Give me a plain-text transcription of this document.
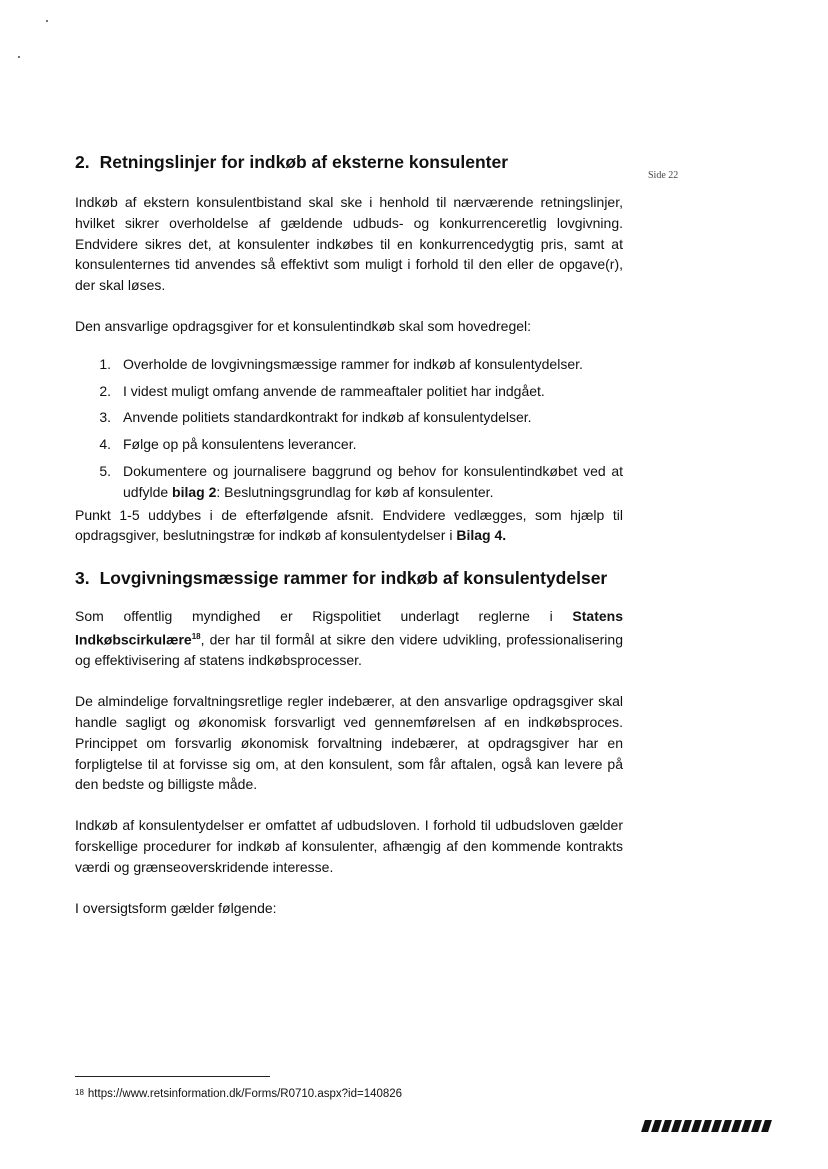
Side 22
2. Retningslinjer for indkøb af eksterne konsulenter

Indkøb af ekstern konsulentbistand skal ske i henhold til nærværende retningslinjer, hvilket sikrer overholdelse af gældende udbuds- og konkurrenceretlig lovgivning. Endvidere sikres det, at konsulenter indkøbes til en konkurrencedygtig pris, samt at konsulenternes tid anvendes så effektivt som muligt i forhold til den eller de opgave(r), der skal løses.

Den ansvarlige opdragsgiver for et konsulentindkøb skal som hovedregel:

1. Overholde de lovgivningsmæssige rammer for indkøb af konsulentydelser.
2. I videst muligt omfang anvende de rammeaftaler politiet har indgået.
3. Anvende politiets standardkontrakt for indkøb af konsulentydelser.
4. Følge op på konsulentens leverancer.
5. Dokumentere og journalisere baggrund og behov for konsulentindkøbet ved at udfylde bilag 2: Beslutningsgrundlag for køb af konsulenter.

Punkt 1-5 uddybes i de efterfølgende afsnit. Endvidere vedlægges, som hjælp til opdragsgiver, beslutningstræ for indkøb af konsulentydelser i Bilag 4.

3. Lovgivningsmæssige rammer for indkøb af konsulentydelser

Som offentlig myndighed er Rigspolitiet underlagt reglerne i Statens Indkøbscirkulære$^{18}$, der har til formål at sikre den videre udvikling, professionalisering og effektivisering af statens indkøbsprocesser.

De almindelige forvaltningsretlige regler indebærer, at den ansvarlige opdragsgiver skal handle sagligt og økonomisk forsvarligt ved gennemførelsen af en indkøbsproces. Princippet om forsvarlig økonomisk forvaltning indebærer, at opdragsgiver har en forpligtelse til at forvisse sig om, at den konsulent, som får aftalen, også kan levere på den bedste og billigste måde.

Indkøb af konsulentydelser er omfattet af udbudsloven. I forhold til udbudsloven gælder forskellige procedurer for indkøb af konsulenter, afhængig af den kommende kontrakts værdi og grænseoverskridende interesse.

I oversigtsform gælder følgende:

$^{18}$ https://www.retsinformation.dk/Forms/R0710.aspx?id=140826
